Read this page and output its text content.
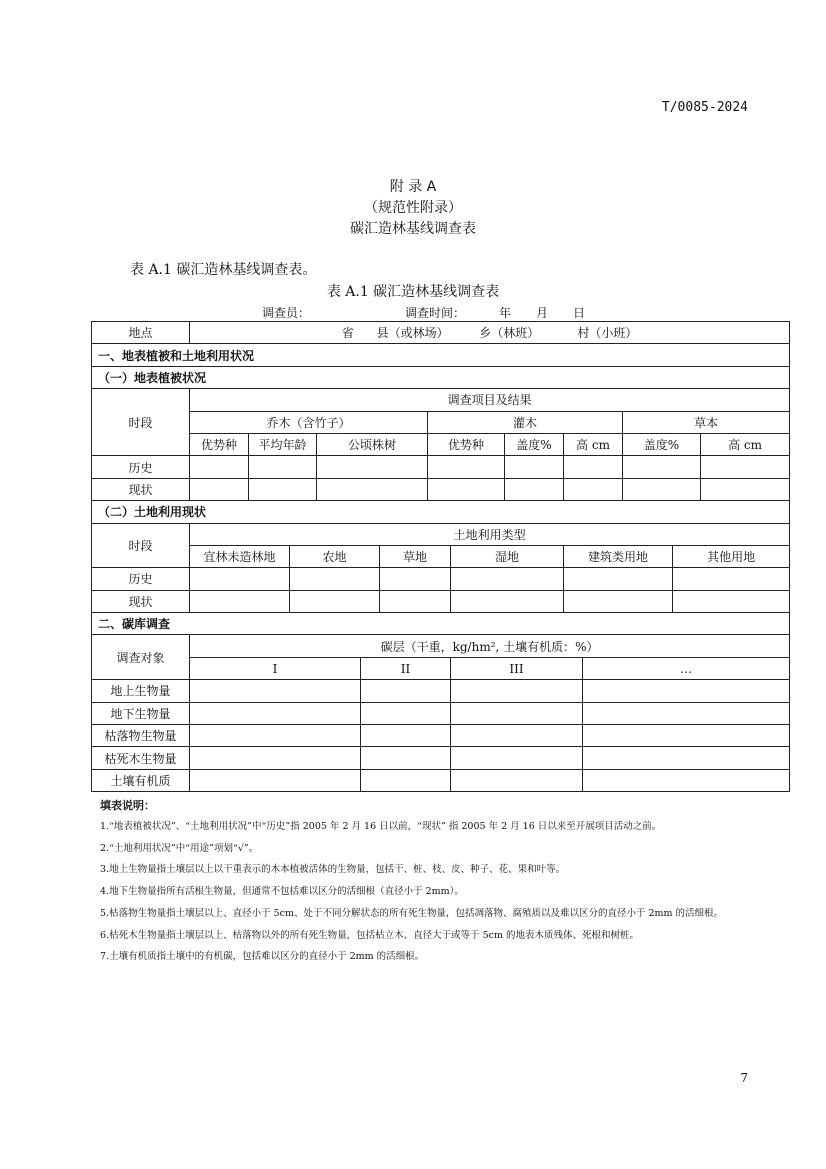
T/0085-2024
附 录 A
（规范性附录）
碳汇造林基线调查表
表 A.1 碳汇造林基线调查表。
表 A.1 碳汇造林基线调查表
调查员：	调查时间：	年	月	日
地点	省      县（或林场）        乡（林班）          村（小班）													
一、地表植被和土地利用状况														
（一）地表植被状况														
时段	调查项目及结果													
	乔木（含竹子）						灌木					草本		
	优势种	平均年龄		公顷株树			优势种		盖度%	高 cm		盖度%		高 cm
历史														
现状														
（二）土地利用现状														
时段	土地利用类型													
	宜林未造林地		农地			草地		湿地		建筑类用地			其他用地	
历史														
现状														
二、碳库调查														
调查对象	碳层（干重，kg/hm², 土壤有机质：%）													
	I				II			III			…			
地上生物量														
地下生物量														
枯落物生物量														
枯死木生物量														
土壤有机质														
填表说明：

1.“地表植被状况”、“土地利用状况”中“历史”指 2005 年 2 月 16 日以前，“现状” 指 2005 年 2 月 16 日以来至开展项目活动之前。

2.“土地利用状况”中“用途”项划“√”。

3.地上生物量指土壤层以上以干重表示的木本植被活体的生物量，包括干、桩、枝、皮、种子、花、果和叶等。

4.地下生物量指所有活根生物量，但通常不包括难以区分的活细根（直径小于 2mm）。

5.枯落物生物量指土壤层以上、直径小于 5cm、处于不同分解状态的所有死生物量，包括凋落物、腐殖质以及难以区分的直径小于 2mm 的活细根。

6.枯死木生物量指土壤层以上、枯落物以外的所有死生物量，包括枯立木、直径大于或等于 5cm 的地表木质残体、死根和树桩。

7.土壤有机质指土壤中的有机碳，包括难以区分的直径小于 2mm 的活细根。

7
